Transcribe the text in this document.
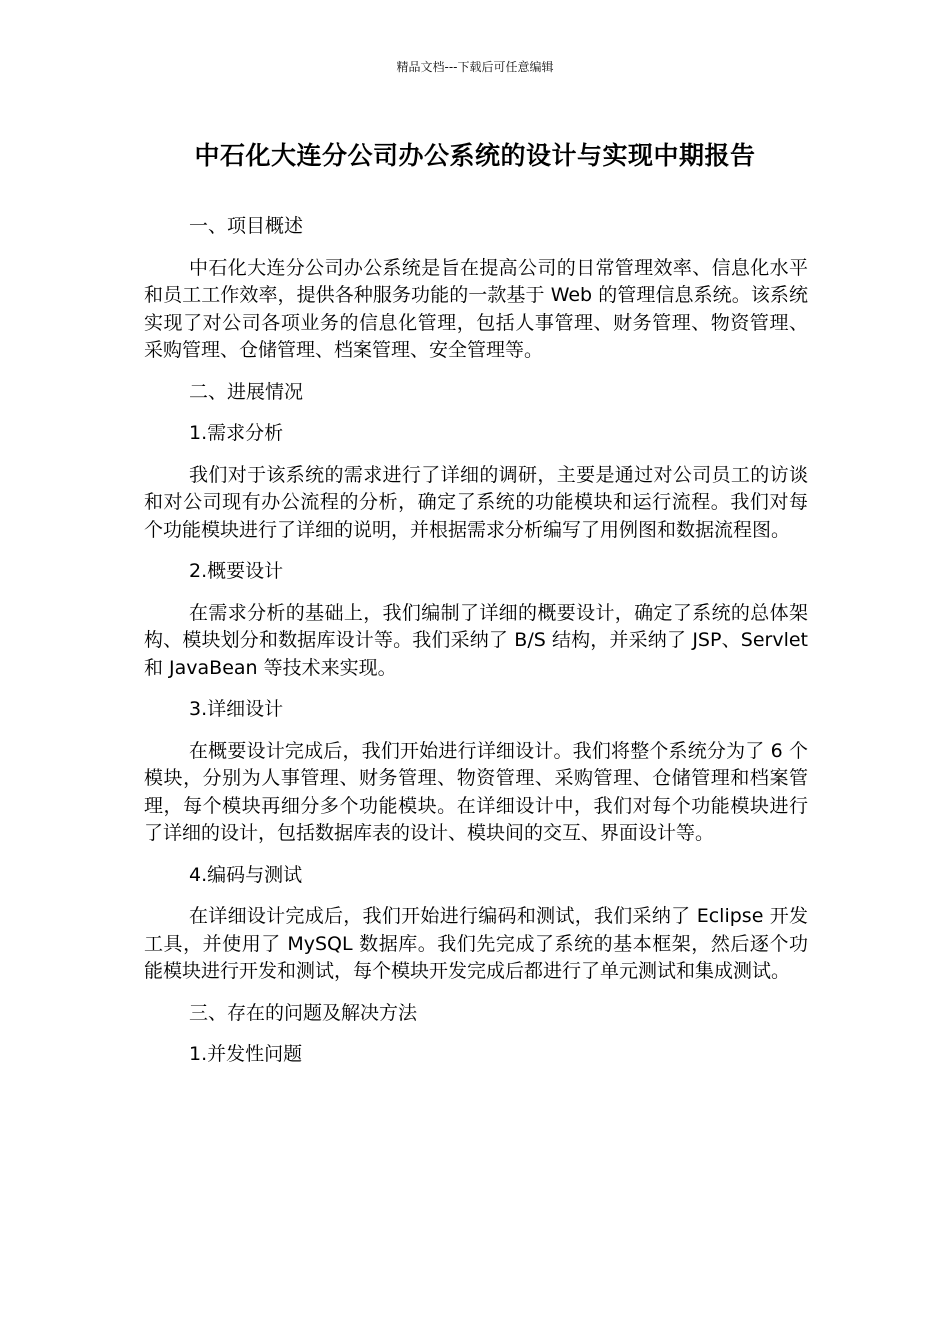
精品文档---下载后可任意编辑
中石化大连分公司办公系统的设计与实现中期报告

一、项目概述

中石化大连分公司办公系统是旨在提高公司的日常管理效率、信息化水平和员工工作效率，提供各种服务功能的一款基于 Web 的管理信息系统。该系统实现了对公司各项业务的信息化管理，包括人事管理、财务管理、物资管理、采购管理、仓储管理、档案管理、安全管理等。

二、进展情况

1.需求分析

我们对于该系统的需求进行了详细的调研，主要是通过对公司员工的访谈和对公司现有办公流程的分析，确定了系统的功能模块和运行流程。我们对每个功能模块进行了详细的说明，并根据需求分析编写了用例图和数据流程图。

2.概要设计

在需求分析的基础上，我们编制了详细的概要设计，确定了系统的总体架构、模块划分和数据库设计等。我们采纳了 B/S 结构，并采纳了 JSP、Servlet 和 JavaBean 等技术来实现。

3.详细设计

在概要设计完成后，我们开始进行详细设计。我们将整个系统分为了 6 个模块，分别为人事管理、财务管理、物资管理、采购管理、仓储管理和档案管理，每个模块再细分多个功能模块。在详细设计中，我们对每个功能模块进行了详细的设计，包括数据库表的设计、模块间的交互、界面设计等。

4.编码与测试

在详细设计完成后，我们开始进行编码和测试，我们采纳了 Eclipse 开发工具，并使用了 MySQL 数据库。我们先完成了系统的基本框架，然后逐个功能模块进行开发和测试，每个模块开发完成后都进行了单元测试和集成测试。

三、存在的问题及解决方法

1.并发性问题
